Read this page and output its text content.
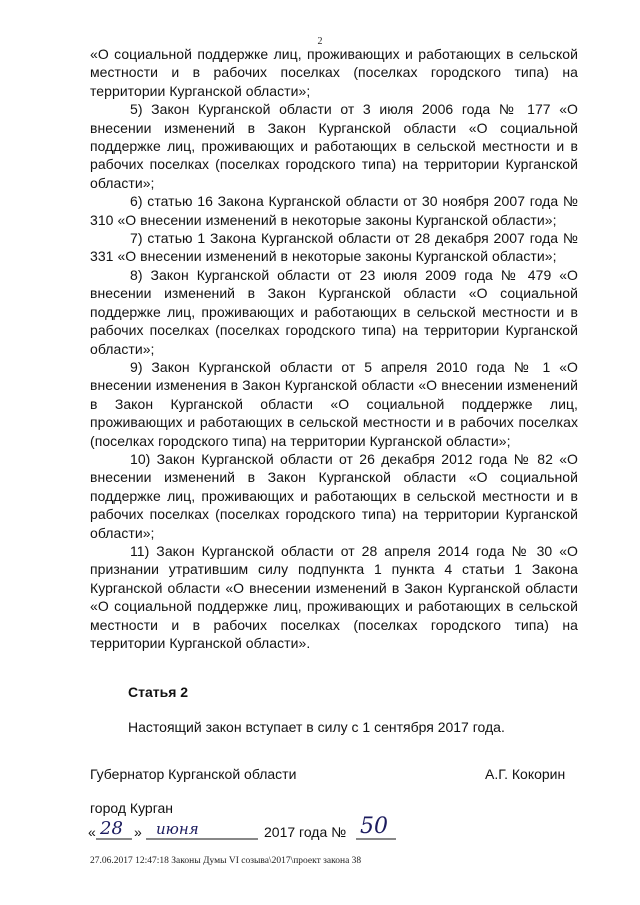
2

«О социальной поддержке лиц, проживающих и работающих в сельской местности и в рабочих поселках (поселках городского типа) на территории Курганской области»;

5) Закон Курганской области от 3 июля 2006 года № 177 «О внесении изменений в Закон Курганской области «О социальной поддержке лиц, проживающих и работающих в сельской местности и в рабочих поселках (поселках городского типа) на территории Курганской области»;

6) статью 16 Закона Курганской области от 30 ноября 2007 года № 310 «О внесении изменений в некоторые законы Курганской области»;

7) статью 1 Закона Курганской области от 28 декабря 2007 года № 331 «О внесении изменений в некоторые законы Курганской области»;

8) Закон Курганской области от 23 июля 2009 года № 479 «О внесении изменений в Закон Курганской области «О социальной поддержке лиц, проживающих и работающих в сельской местности и в рабочих поселках (поселках городского типа) на территории Курганской области»;

9) Закон Курганской области от 5 апреля 2010 года № 1 «О внесении изменения в Закон Курганской области «О внесении изменений в Закон Курганской области «О социальной поддержке лиц, проживающих и работающих в сельской местности и в рабочих поселках (поселках городского типа) на территории Курганской области»;

10) Закон Курганской области от 26 декабря 2012 года № 82 «О внесении изменений в Закон Курганской области «О социальной поддержке лиц, проживающих и работающих в сельской местности и в рабочих поселках (поселках городского типа) на территории Курганской области»;

11) Закон Курганской области от 28 апреля 2014 года № 30 «О признании утратившим силу подпункта 1 пункта 4 статьи 1 Закона Курганской области «О внесении изменений в Закон Курганской области «О социальной поддержке лиц, проживающих и работающих в сельской местности и в рабочих поселках (поселках городского типа) на территории Курганской области».

Статья 2
Настоящий закон вступает в силу с 1 сентября 2017 года.
Губернатор Курганской области	А.Г. Кокорин
город Курган
« 28 » июня	2017 года № 50
27.06.2017 12:47:18 Законы Думы VI созыва\2017\проект закона 38
